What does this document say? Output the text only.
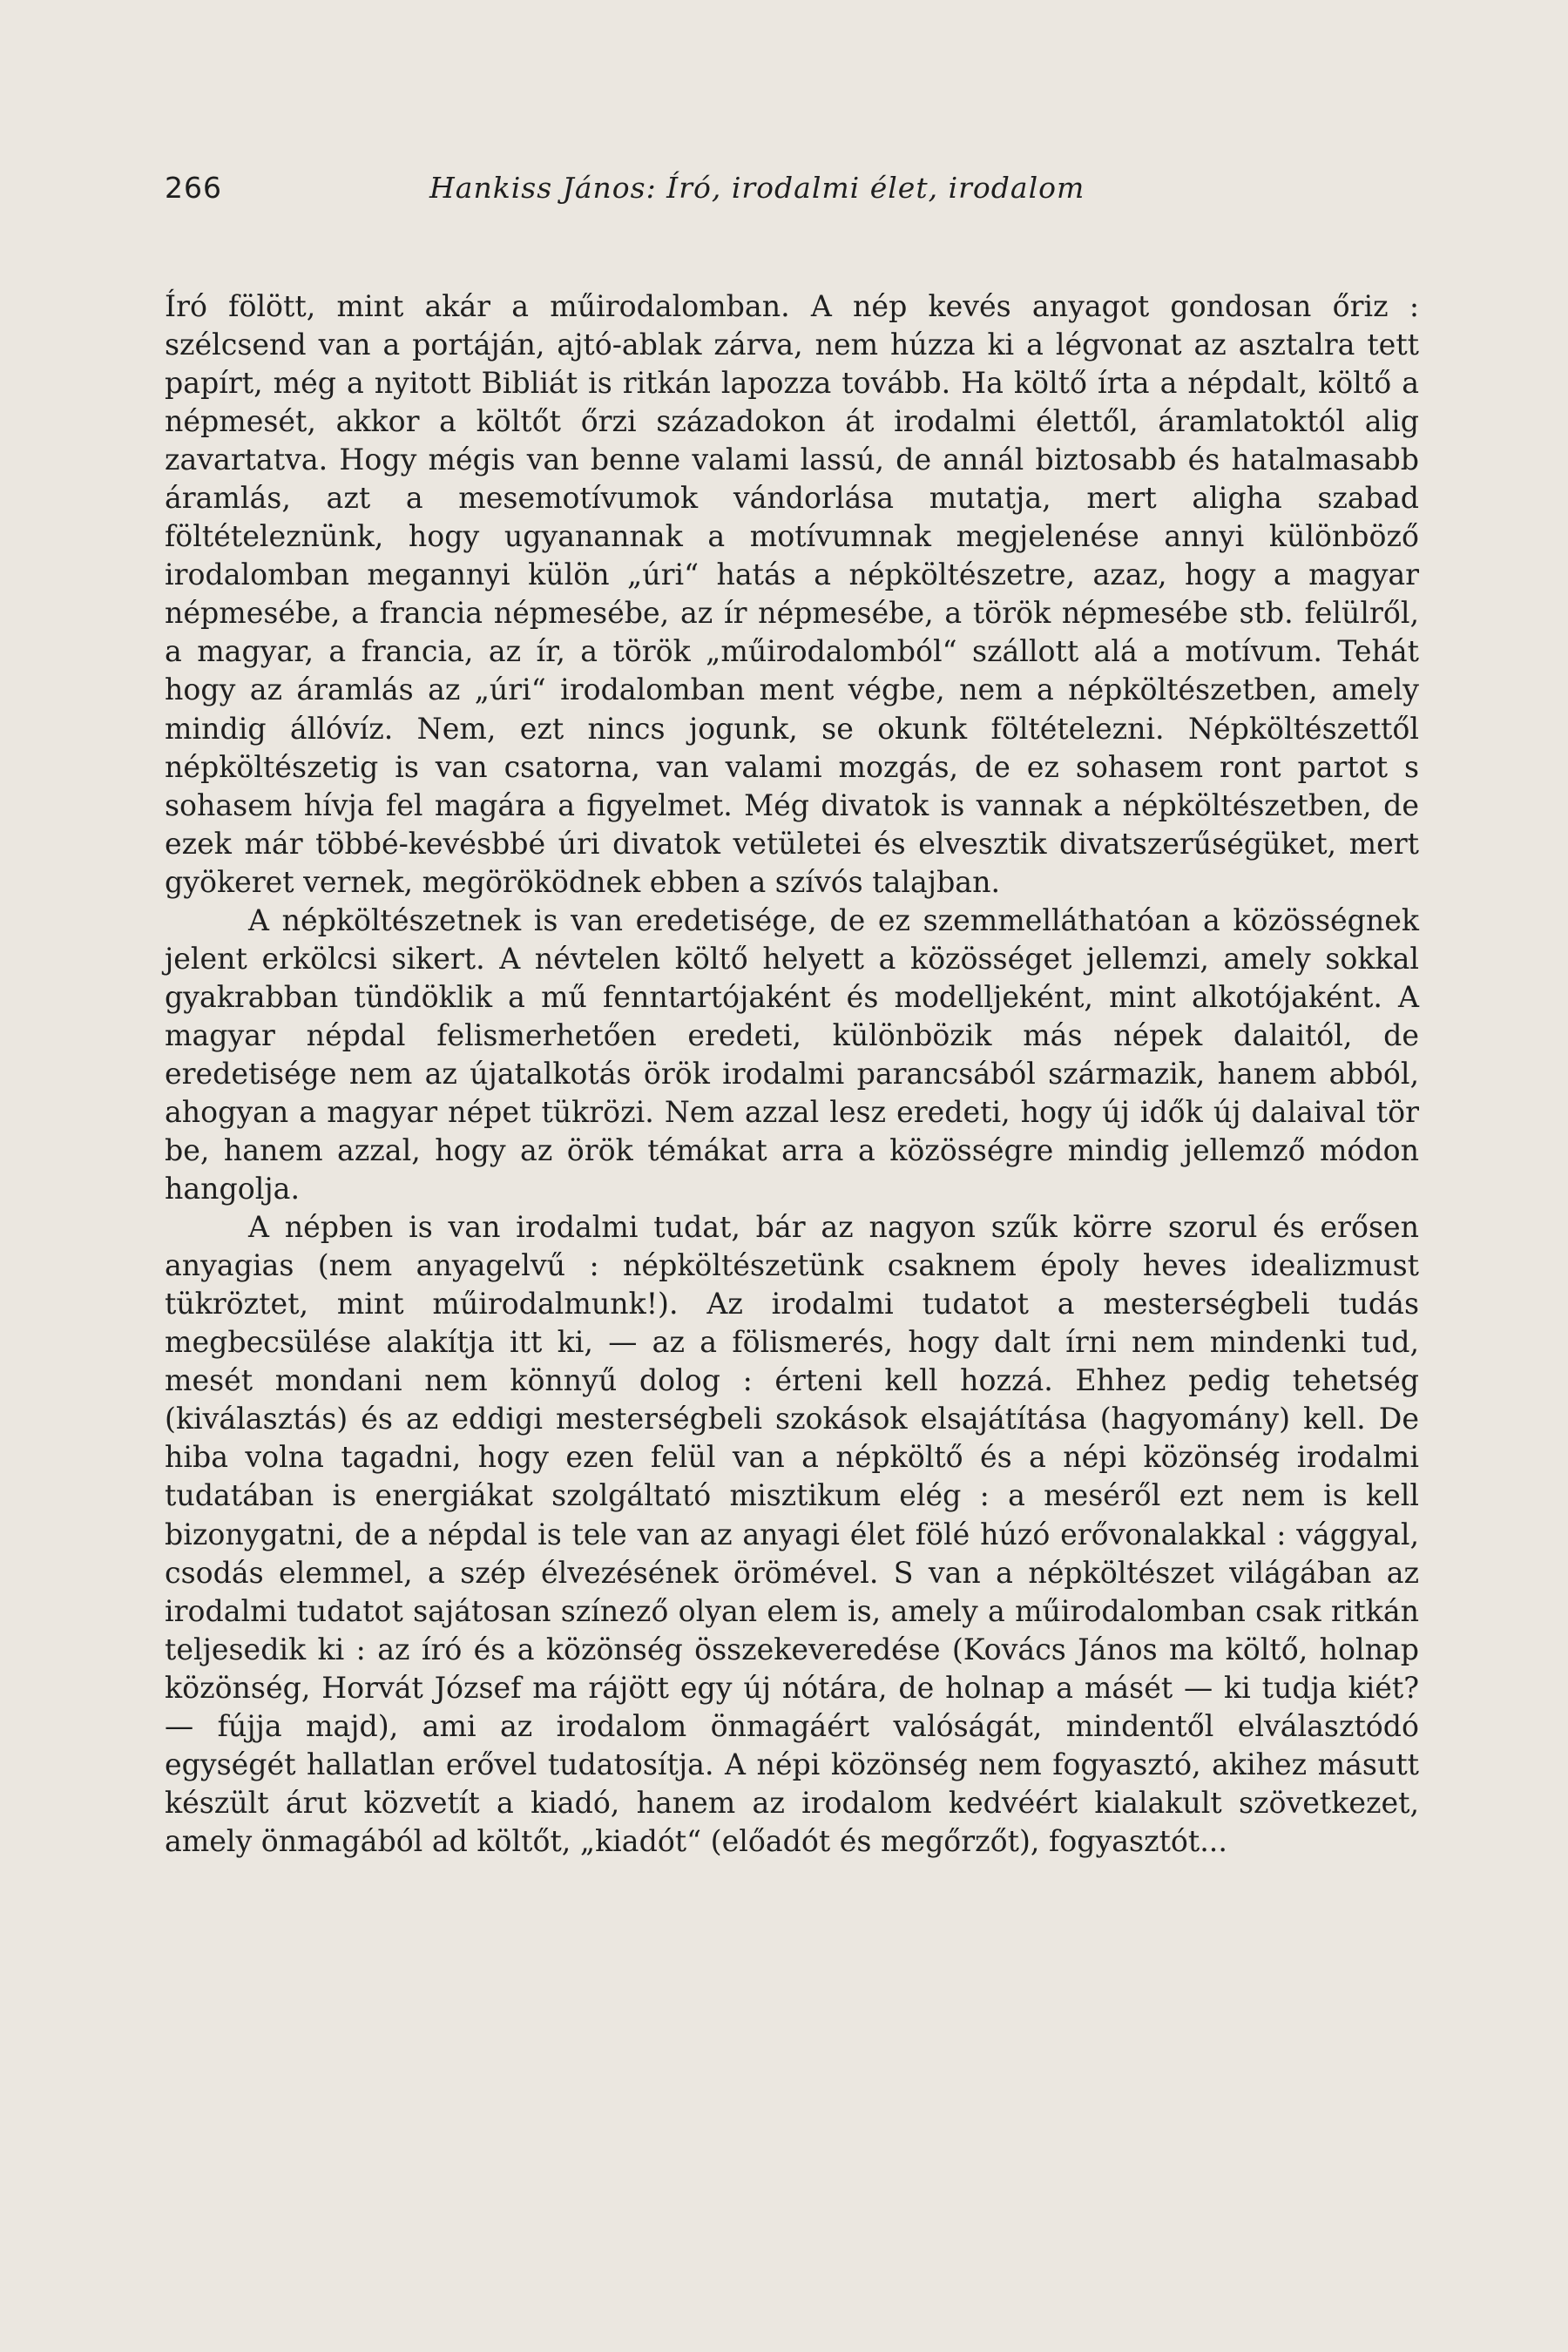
266	Hankiss János: Író, irodalmi élet, irodalom

Író fölött, mint akár a műirodalomban. A nép kevés anyagot gondosan őriz : szélcsend van a portáján, ajtó-ablak zárva, nem húzza ki a légvonat az asztalra tett papírt, még a nyitott Bibliát is ritkán lapozza tovább. Ha költő írta a népdalt, költő a népmesét, akkor a költőt őrzi századokon át irodalmi élettől, áramlatoktól alig zavartatva. Hogy mégis van benne valami lassú, de annál biztosabb és hatalmasabb áramlás, azt a mesemotívumok vándorlása mutatja, mert aligha szabad föltételeznünk, hogy ugyanannak a motívumnak megjelenése annyi különböző irodalomban megannyi külön „úri“ hatás a népköltészetre, azaz, hogy a magyar népmesébe, a francia népmesébe, az ír népmesébe, a török népmesébe stb. felülről, a magyar, a francia, az ír, a török „műirodalomból“ szállott alá a motívum. Tehát hogy az áramlás az „úri“ irodalomban ment végbe, nem a népköltészetben, amely mindig állóvíz. Nem, ezt nincs jogunk, se okunk föltételezni. Népköltészettől népköltészetig is van csatorna, van valami mozgás, de ez sohasem ront partot s sohasem hívja fel magára a figyelmet. Még divatok is vannak a népköltészetben, de ezek már többé-kevésbbé úri divatok vetületei és elvesztik divatszerűségüket, mert gyökeret vernek, megöröködnek ebben a szívós talajban.

A népköltészetnek is van eredetisége, de ez szemmelláthatóan a közösségnek jelent erkölcsi sikert. A névtelen költő helyett a közösséget jellemzi, amely sokkal gyakrabban tündöklik a mű fenntartójaként és modelljeként, mint alkotójaként. A magyar népdal felismerhetően eredeti, különbözik más népek dalaitól, de eredetisége nem az újatalkotás örök irodalmi parancsából származik, hanem abból, ahogyan a magyar népet tükrözi. Nem azzal lesz eredeti, hogy új idők új dalaival tör be, hanem azzal, hogy az örök témákat arra a közösségre mindig jellemző módon hangolja.

A népben is van irodalmi tudat, bár az nagyon szűk körre szorul és erősen anyagias (nem anyagelvű : népköltészetünk csaknem époly heves idealizmust tükröztet, mint műirodalmunk!). Az irodalmi tudatot a mesterségbeli tudás megbecsülése alakítja itt ki, — az a fölismerés, hogy dalt írni nem mindenki tud, mesét mondani nem könnyű dolog : érteni kell hozzá. Ehhez pedig tehetség (kiválasztás) és az eddigi mesterségbeli szokások elsajátítása (hagyomány) kell. De hiba volna tagadni, hogy ezen felül van a népköltő és a népi közönség irodalmi tudatában is energiákat szolgáltató misztikum elég : a meséről ezt nem is kell bizonygatni, de a népdal is tele van az anyagi élet fölé húzó erővonalakkal : vággyal, csodás elemmel, a szép élvezésének örömével. S van a népköltészet világában az irodalmi tudatot sajátosan színező olyan elem is, amely a műirodalomban csak ritkán teljesedik ki : az író és a közönség összekeveredése (Kovács János ma költő, holnap közönség, Horvát József ma rájött egy új nótára, de holnap a másét — ki tudja kiét? — fújja majd), ami az irodalom önmagáért valóságát, mindentől elválasztódó egységét hallatlan erővel tudatosítja. A népi közönség nem fogyasztó, akihez másutt készült árut közvetít a kiadó, hanem az irodalom kedvéért kialakult szövetkezet, amely önmagából ad költőt, „kiadót“ (előadót és megőrzőt), fogyasztót...
